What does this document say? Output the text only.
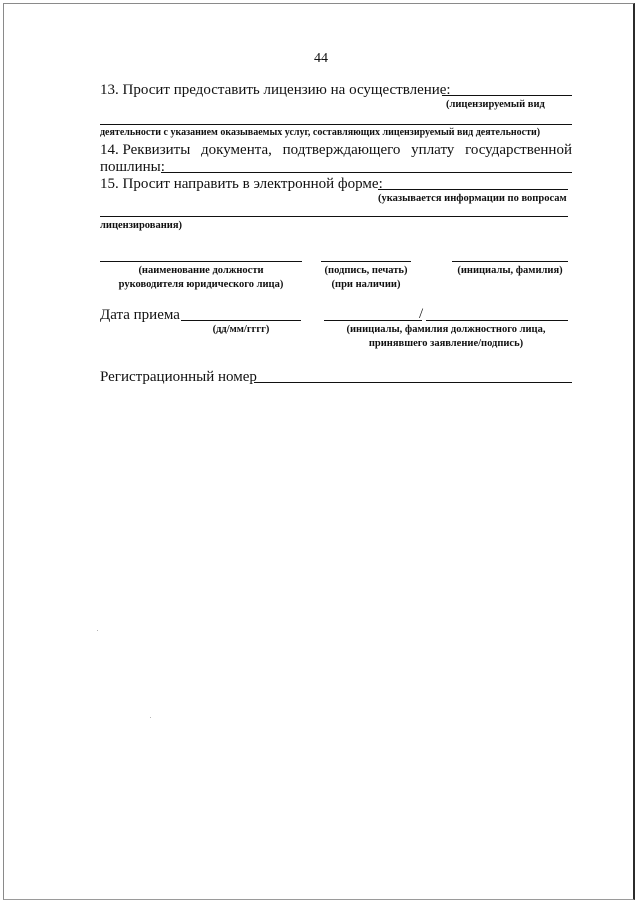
44
13. Просит предоставить лицензию на осуществление:
(лицензируемый вид
деятельности с указанием оказываемых услуг, составляющих лицензируемый вид деятельности)
14. Реквизиты документа, подтверждающего уплату государственной
пошлины:
15. Просит направить в электронной форме:
(указывается информации по вопросам
лицензирования)
(наименование должности
руководителя юридического лица)
(подпись, печать)
(при наличии)
(инициалы, фамилия)
Дата приема
(дд/мм/гггг)
/
(инициалы, фамилия должностного лица,
принявшего заявление/подпись)
Регистрационный номер
